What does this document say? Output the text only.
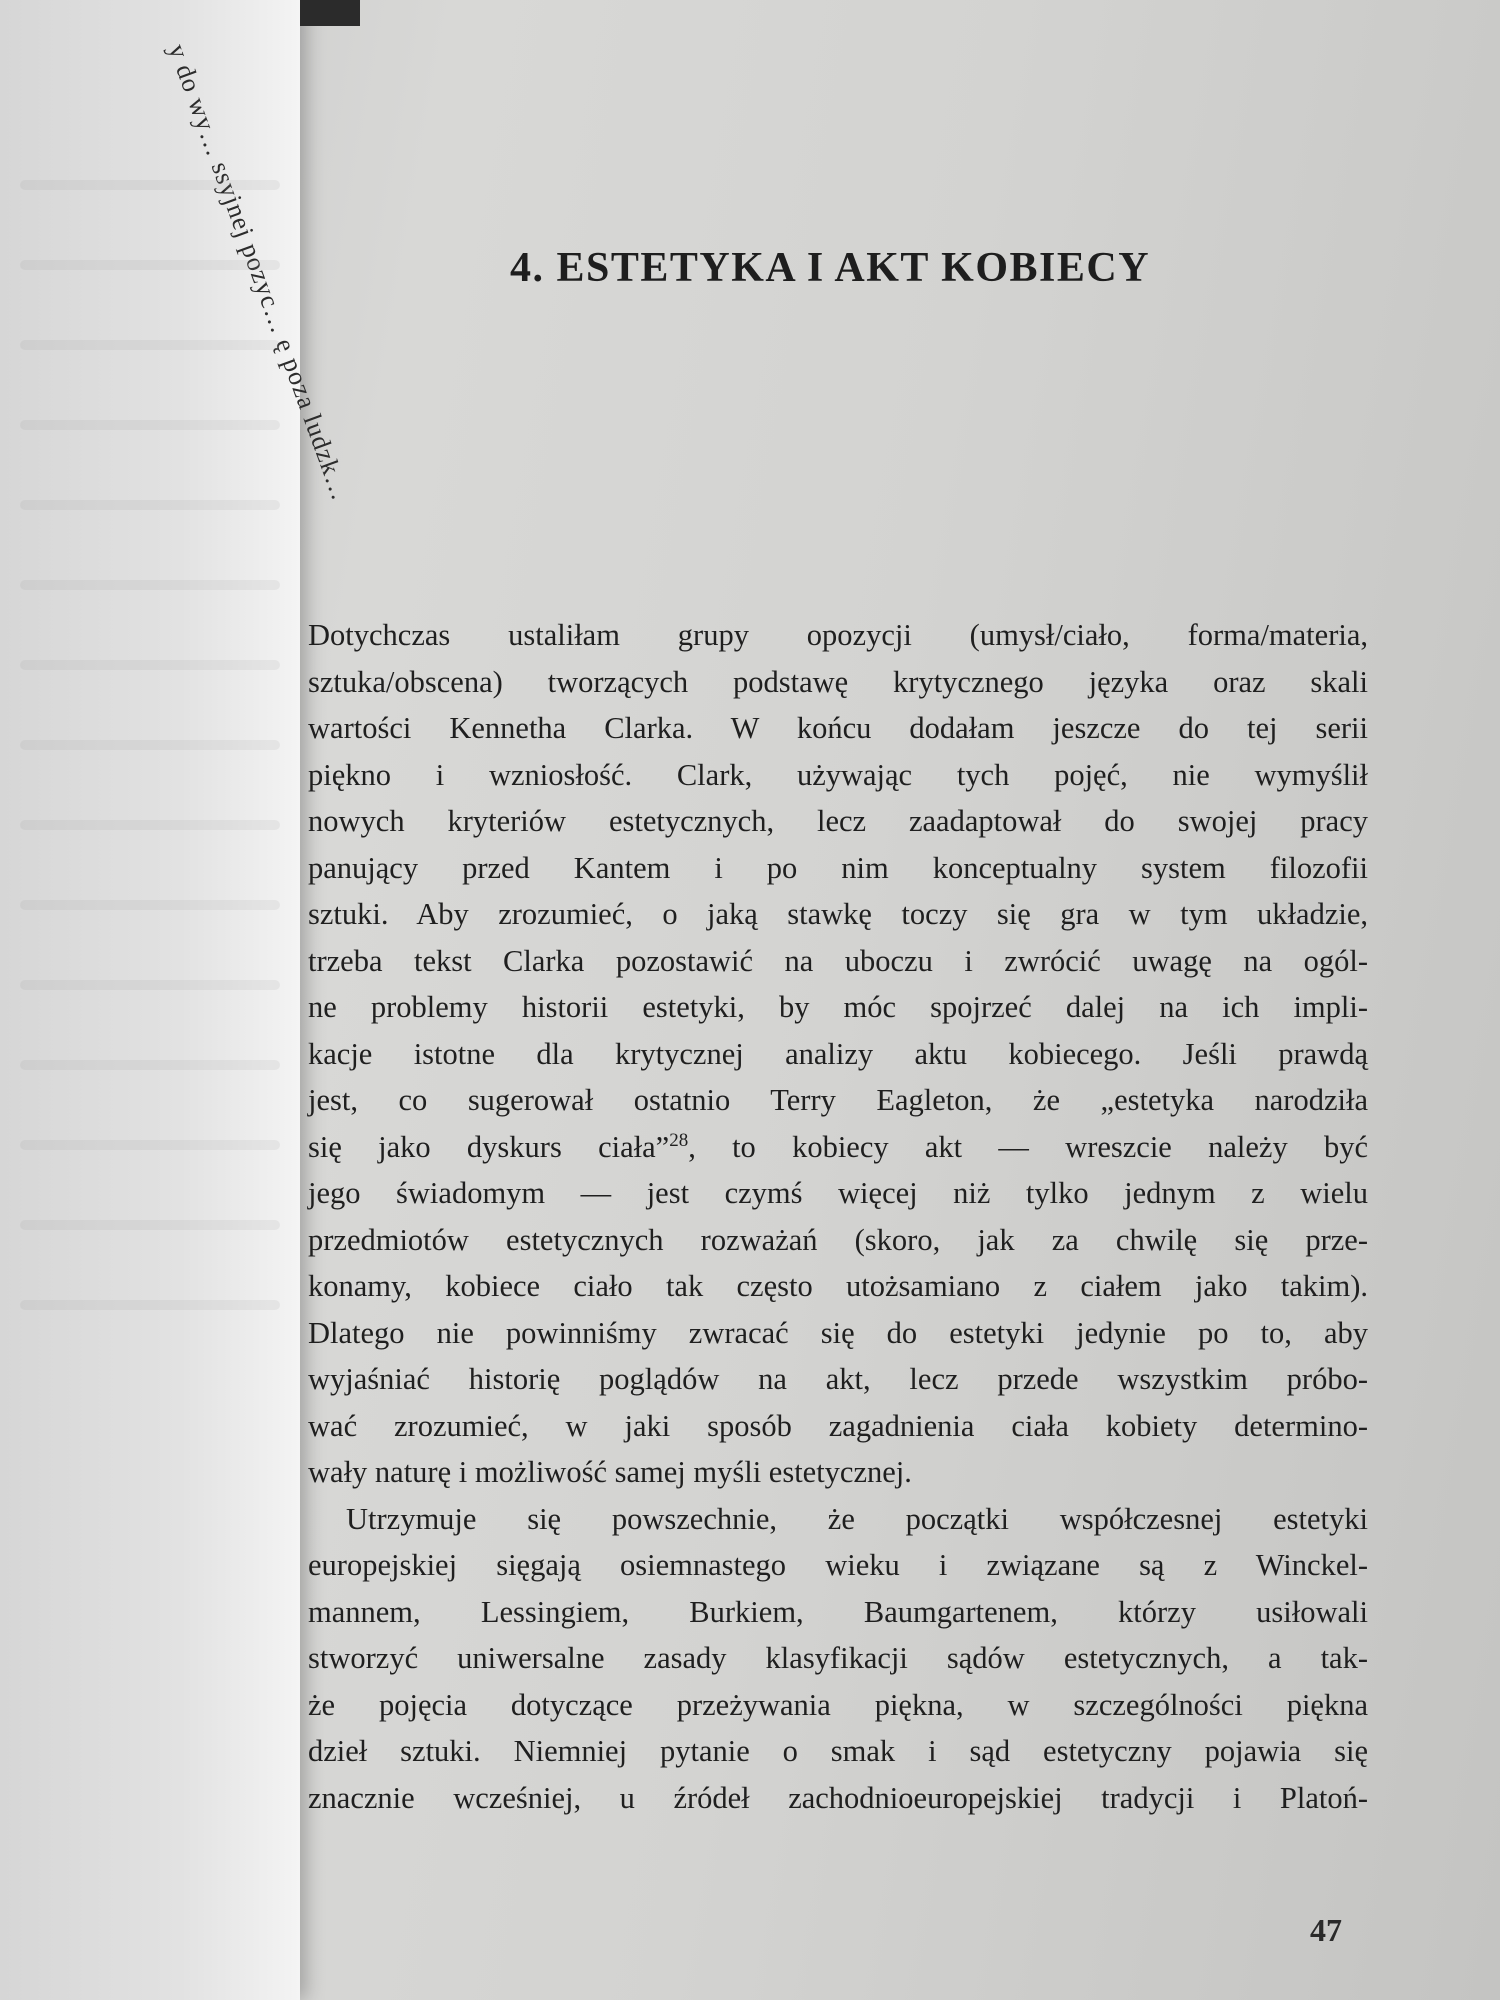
y do wy… ssyjnej pozyc… ę poza ludzk…	4. ESTETYKA I AKT KOBIECY
Dotychczas ustaliłam grupy opozycji (umysł/ciało, forma/materia,
sztuka/obscena) tworzących podstawę krytycznego języka oraz skali
wartości Kennetha Clarka. W końcu dodałam jeszcze do tej serii
piękno i wzniosłość. Clark, używając tych pojęć, nie wymyślił
nowych kryteriów estetycznych, lecz zaadaptował do swojej pracy
panujący przed Kantem i po nim konceptualny system filozofii
sztuki. Aby zrozumieć, o jaką stawkę toczy się gra w tym układzie,
trzeba tekst Clarka pozostawić na uboczu i zwrócić uwagę na ogól-
ne problemy historii estetyki, by móc spojrzeć dalej na ich impli-
kacje istotne dla krytycznej analizy aktu kobiecego. Jeśli prawdą
jest, co sugerował ostatnio Terry Eagleton, że „estetyka narodziła
się jako dyskurs ciała”$^{28}$, to kobiecy akt — wreszcie należy być
jego świadomym — jest czymś więcej niż tylko jednym z wielu
przedmiotów estetycznych rozważań (skoro, jak za chwilę się prze-
konamy, kobiece ciało tak często utożsamiano z ciałem jako takim).
Dlatego nie powinniśmy zwracać się do estetyki jedynie po to, aby
wyjaśniać historię poglądów na akt, lecz przede wszystkim próbo-
wać zrozumieć, w jaki sposób zagadnienia ciała kobiety determino-
wały naturę i możliwość samej myśli estetycznej.
Utrzymuje się powszechnie, że początki współczesnej estetyki
europejskiej sięgają osiemnastego wieku i związane są z Winckel-
mannem, Lessingiem, Burkiem, Baumgartenem, którzy usiłowali
stworzyć uniwersalne zasady klasyfikacji sądów estetycznych, a tak-
że pojęcia dotyczące przeżywania piękna, w szczególności piękna
dzieł sztuki. Niemniej pytanie o smak i sąd estetyczny pojawia się
znacznie wcześniej, u źródeł zachodnioeuropejskiej tradycji i Platoń-
47
